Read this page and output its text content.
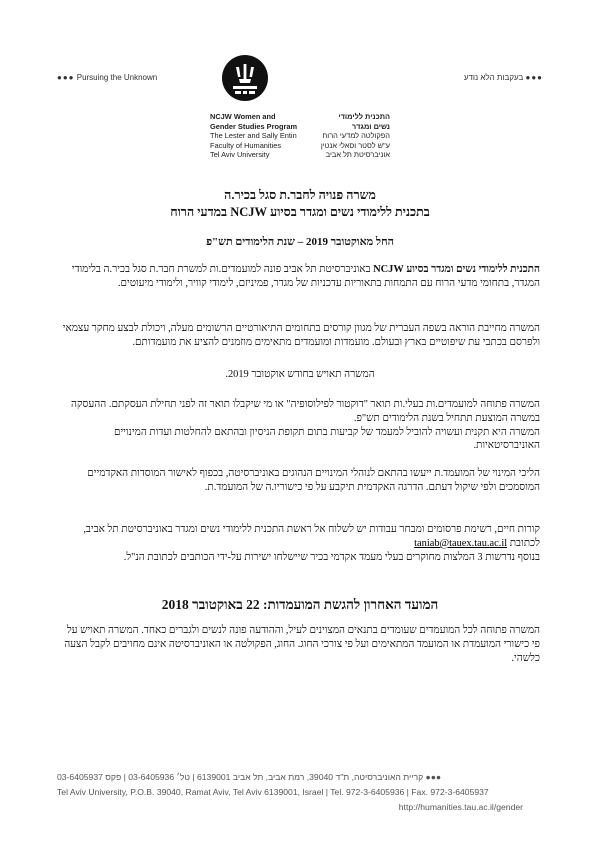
●●● Pursuing the Unknown	●●● בעקבות הלא נודע
NCJW Women and
Gender Studies Program
The Lester and Sally Entin
Faculty of Humanities
Tel Aviv University
התכנית ללימודי
נשים ומגדר
הפקולטה למדעי הרוח
ע"ש לסטר וסאלי אנטין
אוניברסיטת תל אביב
משרה פנויה לחבר.ת סגל בכיר.ה
בתכנית ללימודי נשים ומגדר בסיוע NCJW במדעי הרוח
החל מאוקטובר 2019 – שנת הלימודים תש"פ
התכנית ללימודי נשים ומגדר בסיוע NCJW באוניברסיטת תל אביב פונה למועמדים.ות למשרת חבר.ת סגל בכיר.ה בלימודי המגדר, בתחומי מדעי הרוח עם התמחות בתאוריות עדכניות של מגדר, פמיניזם, לימודי קוויר, ולימודי מיעוטים.
המשרה מחייבת הוראה בשפה העברית של מגוון קורסים בתחומים התיאורטיים הרשומים מעלה, ויכולת לבצע מחקר עצמאי ולפרסם בכתבי עת שיפוטיים בארץ ובעולם. מועמדות ומועמדים מתאימים מוזמנים להציע את מועמדותם.
המשרה תאויש בחודש אוקטובר 2019.
המשרה פתוחה למועמדים.ות בעלי.ות תואר "דוקטור לפילוסופיה" או מי שיקבלו תואר זה לפני תחילת העסקתם. ההעסקה במשרה המוצעת תתחיל בשנת הלימודים תש"פ.
המשרה היא תקנית ועשויה להוביל למעמד של קביעות בתום תקופת הניסיון ובהתאם להחלטות ועדות המינויים האוניברסיטאיות.
הליכי המינוי של המועמד.ת ייעשו בהתאם לנוהלי המינויים הנהוגים באוניברסיטה, בכפוף לאישור המוסדות האקדמיים המוסמכים ולפי שיקול דעתם. הדרגה האקדמית תיקבע על פי כישוריו.ה של המועמד.ת.
קורות חיים, רשימת פרסומים ומבחר עבודות יש לשלוח אל ראשת התכנית ללימודי נשים ומגדר באוניברסיטת תל אביב, לכתובת taniab@tauex.tau.ac.il
בנוסף נדרשות 3 המלצות מחוקרים בעלי מעמד אקדמי בכיר שיישלחו ישירות על-ידי הכותבים לכתובת הנ"ל.
המועד האחרון להגשת המועמדות: 22 באוקטובר 2018
המשרה פתוחה לכל המועמדים שעומדים בתנאים המצוינים לעיל, וההודעה פונה לנשים ולגברים כאחד. המשרה תאויש על פי כישורי המועמדת או המועמד המתאימים ועל פי צורכי החוג. החוג, הפקולטה או האוניברסיטה אינם מחויבים לקבל הצעה כלשהי.
●●● קריית האוניברסיטה, ת"ד 39040, רמת אביב, תל אביב 6139001 | טל׳ 03-6405936 | פקס 03-6405937
Tel Aviv University, P.O.B. 39040, Ramat Aviv, Tel Aviv 6139001, Israel | Tel. 972-3-6405936 | Fax. 972-3-6405937
http://humanities.tau.ac.il/gender
